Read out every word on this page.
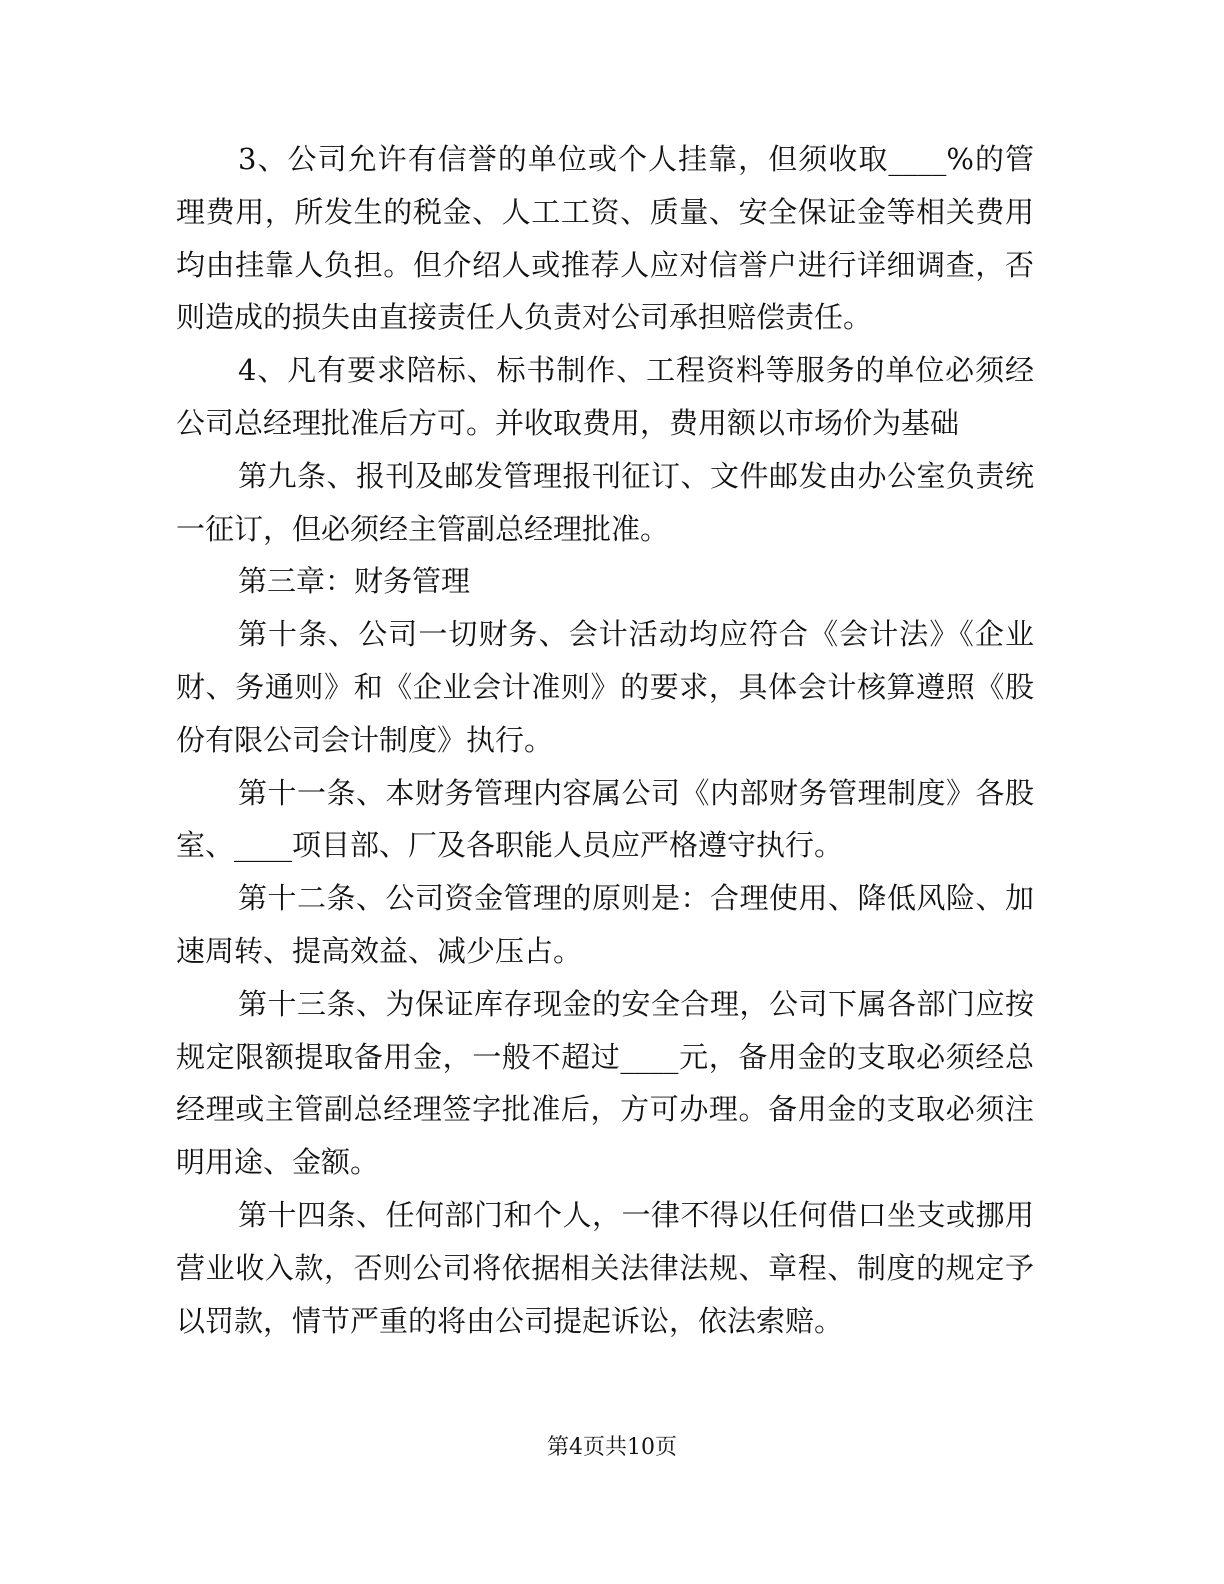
3、公司允许有信誉的单位或个人挂靠，但须收取____%的管理费用，所发生的税金、人工工资、质量、安全保证金等相关费用均由挂靠人负担。但介绍人或推荐人应对信誉户进行详细调查，否则造成的损失由直接责任人负责对公司承担赔偿责任。

4、凡有要求陪标、标书制作、工程资料等服务的单位必须经公司总经理批准后方可。并收取费用，费用额以市场价为基础

第九条、报刊及邮发管理报刊征订、文件邮发由办公室负责统一征订，但必须经主管副总经理批准。

第三章：财务管理

第十条、公司一切财务、会计活动均应符合《会计法》《企业财、务通则》和《企业会计准则》的要求，具体会计核算遵照《股份有限公司会计制度》执行。

第十一条、本财务管理内容属公司《内部财务管理制度》各股室、____项目部、厂及各职能人员应严格遵守执行。

第十二条、公司资金管理的原则是：合理使用、降低风险、加速周转、提高效益、减少压占。

第十三条、为保证库存现金的安全合理，公司下属各部门应按规定限额提取备用金，一般不超过____元，备用金的支取必须经总经理或主管副总经理签字批准后，方可办理。备用金的支取必须注明用途、金额。

第十四条、任何部门和个人，一律不得以任何借口坐支或挪用营业收入款，否则公司将依据相关法律法规、章程、制度的规定予以罚款，情节严重的将由公司提起诉讼，依法索赔。

第4页共10页
